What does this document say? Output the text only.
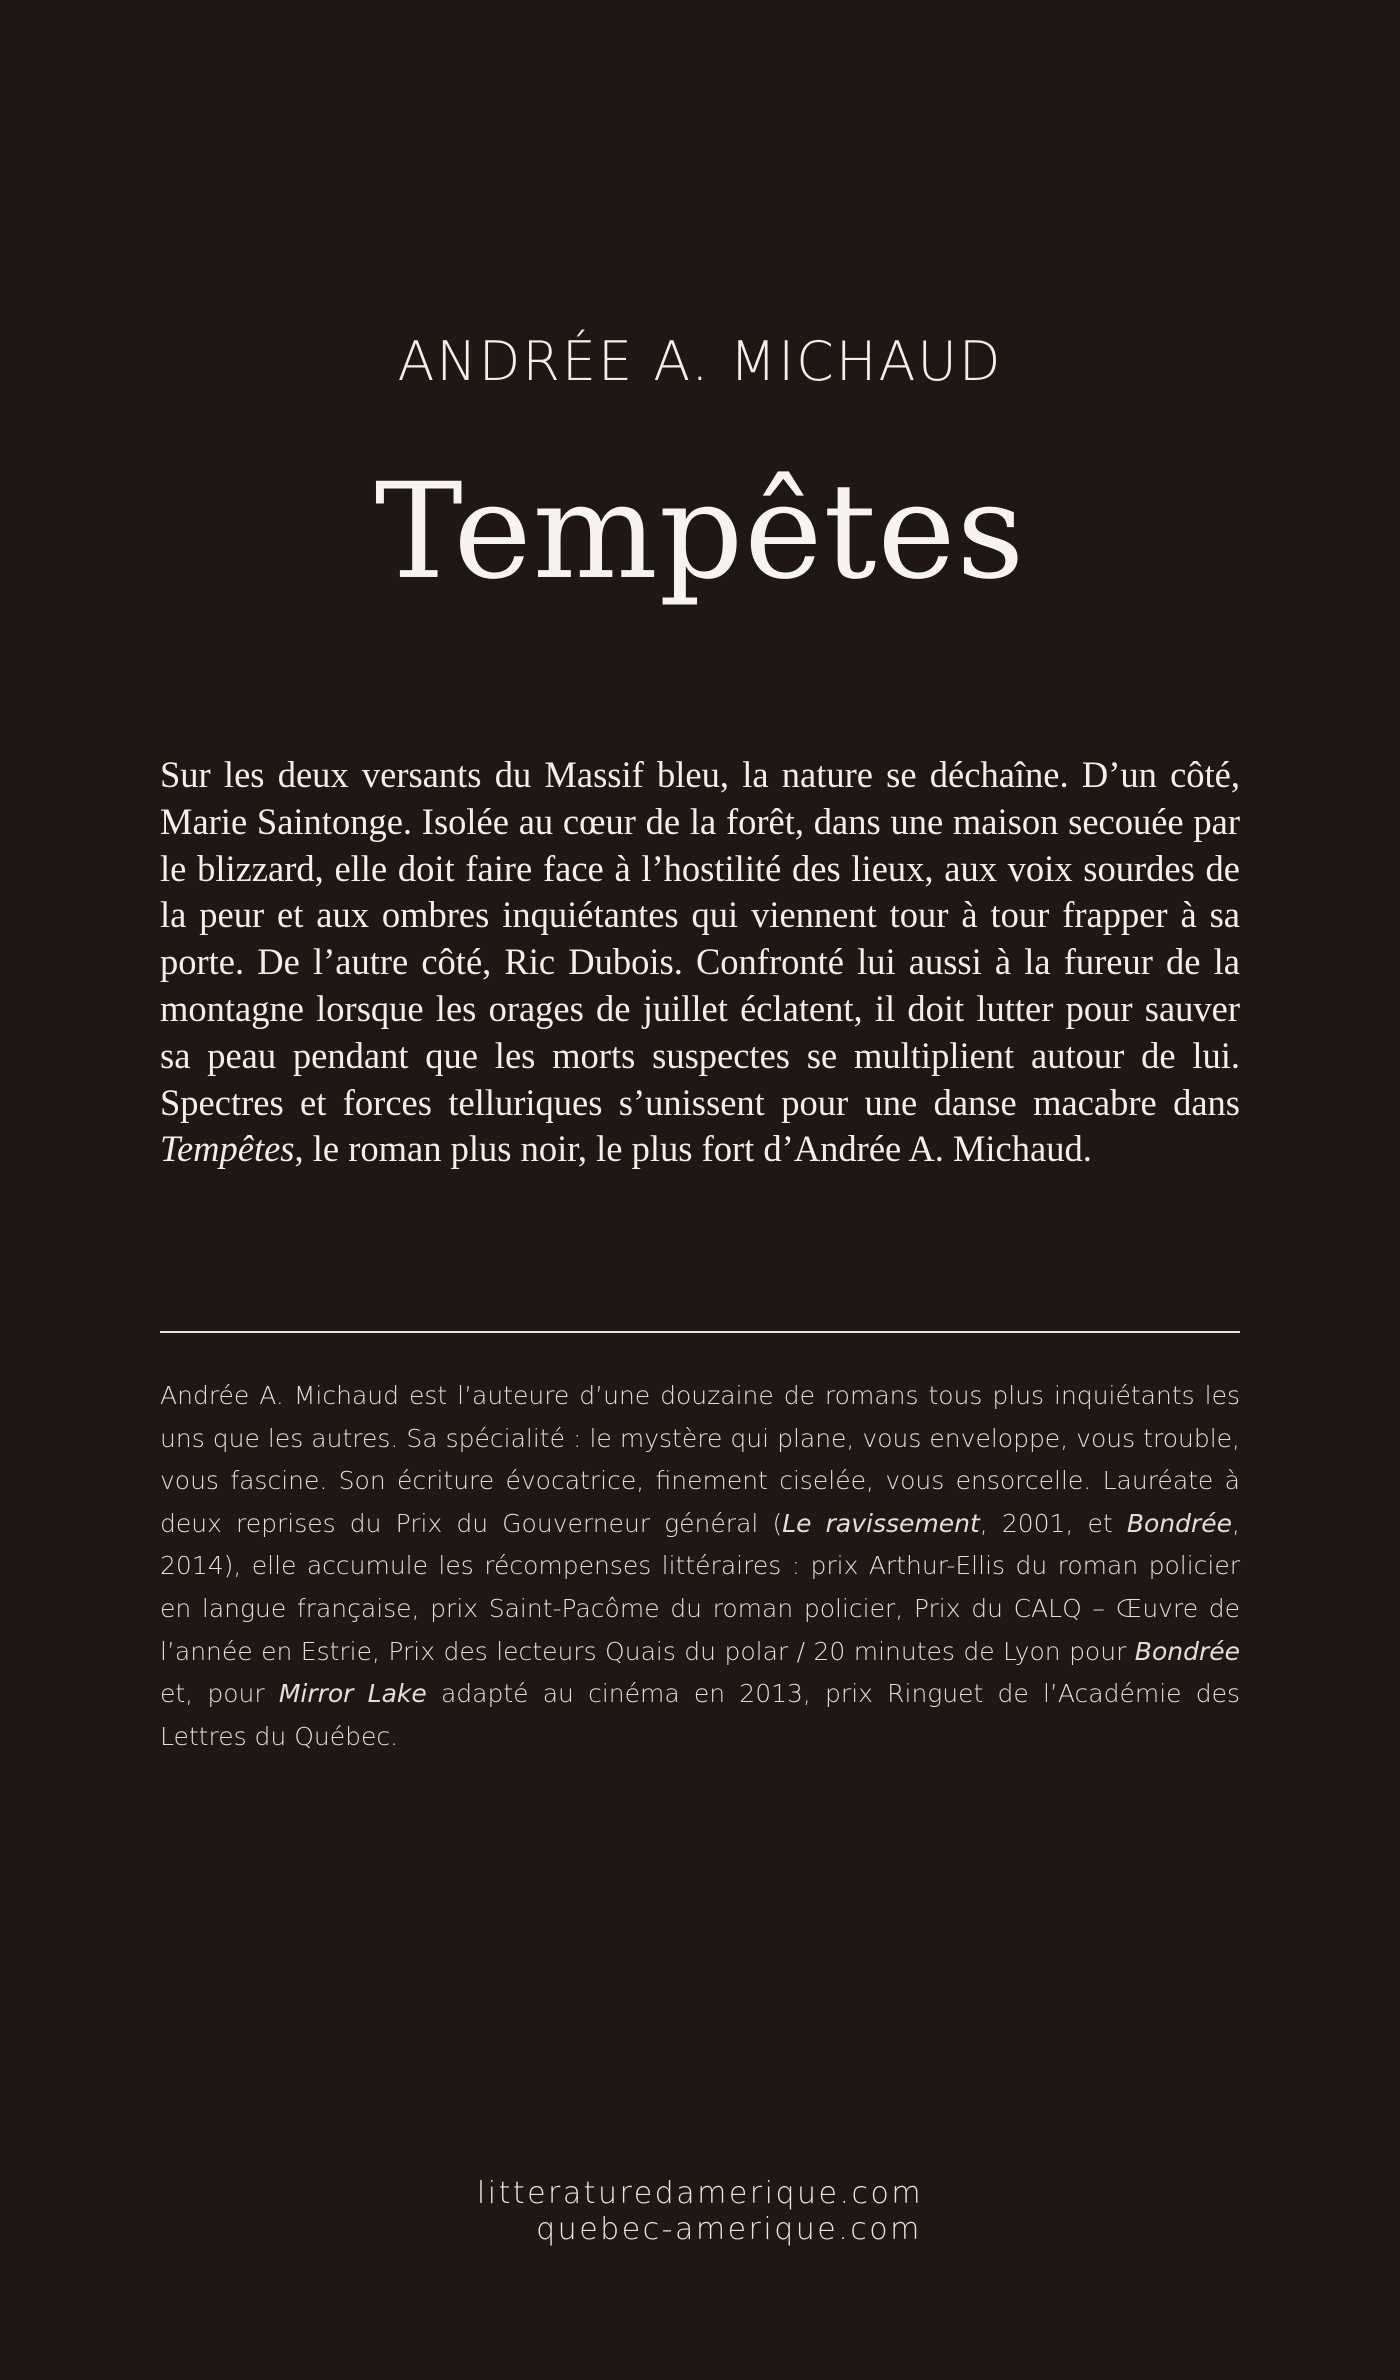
ANDRÉE A. MICHAUD
Tempêtes

Sur les deux versants du Massif bleu, la nature se déchaîne. D’un côté, Marie Saintonge. Isolée au cœur de la forêt, dans une maison secouée par le blizzard, elle doit faire face à l’hostilité des lieux, aux voix sourdes de la peur et aux ombres inquiétantes qui viennent tour à tour frapper à sa porte. De l’autre côté, Ric Dubois. Confronté lui aussi à la fureur de la montagne lorsque les orages de juillet éclatent, il doit lutter pour sauver sa peau pendant que les morts suspectes se multiplient autour de lui. Spectres et forces telluriques s’unissent pour une danse macabre dans Tempêtes, le roman plus noir, le plus fort d’Andrée A. Michaud.

Andrée A. Michaud est l’auteure d’une douzaine de romans tous plus inquiétants les uns que les autres. Sa spécialité : le mystère qui plane, vous enveloppe, vous trouble, vous fascine. Son écriture évocatrice, finement ciselée, vous ensorcelle. Lauréate à deux reprises du Prix du Gouverneur général (Le ravissement, 2001, et Bondrée, 2014), elle accumule les récompenses littéraires : prix Arthur-Ellis du roman policier en langue française, prix Saint-Pacôme du roman policier, Prix du CALQ – Œuvre de l’année en Estrie, Prix des lecteurs Quais du polar / 20 minutes de Lyon pour Bondrée et, pour Mirror Lake adapté au cinéma en 2013, prix Ringuet de l’Académie des Lettres du Québec.

litteraturedamerique.com
quebec-amerique.com
